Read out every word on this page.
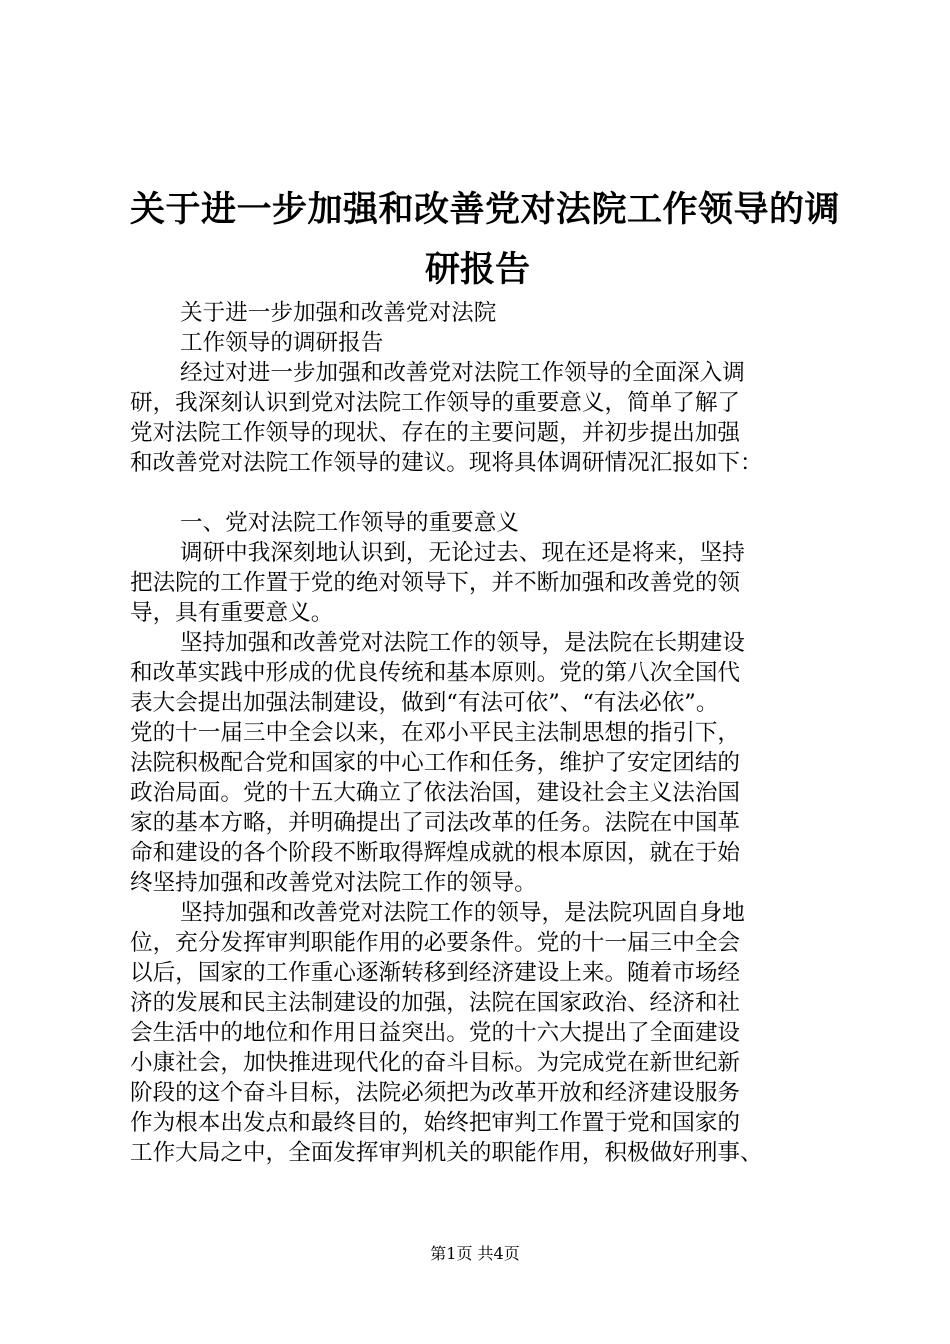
关于进一步加强和改善党对法院工作领导的调
研报告
关于进一步加强和改善党对法院
工作领导的调研报告
经过对进一步加强和改善党对法院工作领导的全面深入调
研，我深刻认识到党对法院工作领导的重要意义，简单了解了
党对法院工作领导的现状、存在的主要问题，并初步提出加强
和改善党对法院工作领导的建议。现将具体调研情况汇报如下：
一、党对法院工作领导的重要意义
调研中我深刻地认识到，无论过去、现在还是将来，坚持
把法院的工作置于党的绝对领导下，并不断加强和改善党的领
导，具有重要意义。
坚持加强和改善党对法院工作的领导，是法院在长期建设
和改革实践中形成的优良传统和基本原则。党的第八次全国代
表大会提出加强法制建设，做到“有法可依”、“有法必依”。
党的十一届三中全会以来，在邓小平民主法制思想的指引下，
法院积极配合党和国家的中心工作和任务，维护了安定团结的
政治局面。党的十五大确立了依法治国，建设社会主义法治国
家的基本方略，并明确提出了司法改革的任务。法院在中国革
命和建设的各个阶段不断取得辉煌成就的根本原因，就在于始
终坚持加强和改善党对法院工作的领导。
坚持加强和改善党对法院工作的领导，是法院巩固自身地
位，充分发挥审判职能作用的必要条件。党的十一届三中全会
以后，国家的工作重心逐渐转移到经济建设上来。随着市场经
济的发展和民主法制建设的加强，法院在国家政治、经济和社
会生活中的地位和作用日益突出。党的十六大提出了全面建设
小康社会，加快推进现代化的奋斗目标。为完成党在新世纪新
阶段的这个奋斗目标，法院必须把为改革开放和经济建设服务
作为根本出发点和最终目的，始终把审判工作置于党和国家的
工作大局之中，全面发挥审判机关的职能作用，积极做好刑事、
第1页 共4页
